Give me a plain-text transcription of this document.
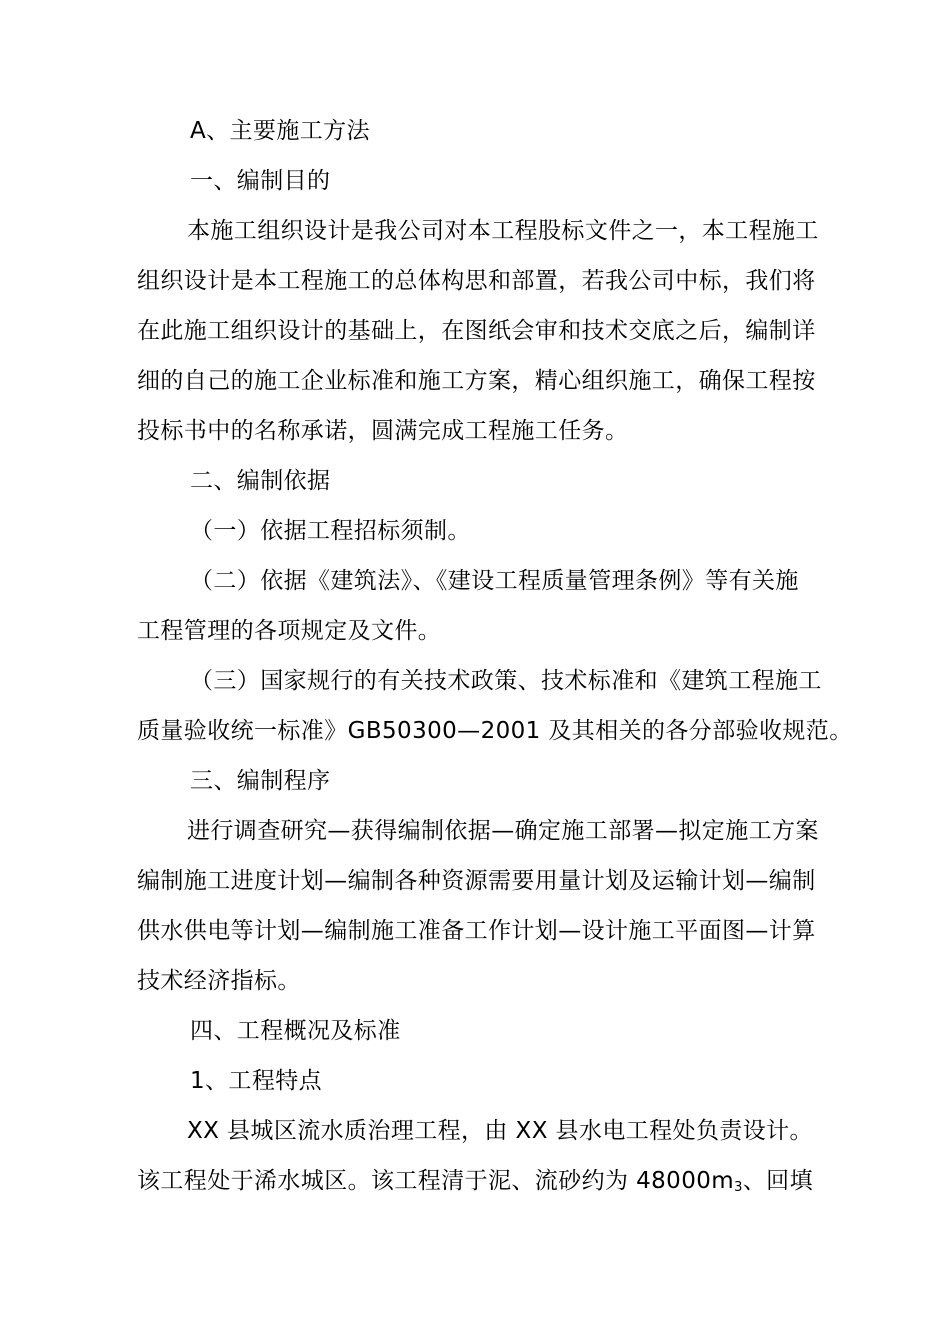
A、主要施工方法
一、编制目的
本施工组织设计是我公司对本工程股标文件之一，本工程施工
组织设计是本工程施工的总体构思和部置，若我公司中标，我们将
在此施工组织设计的基础上，在图纸会审和技术交底之后，编制详
细的自己的施工企业标准和施工方案，精心组织施工，确保工程按
投标书中的名称承诺，圆满完成工程施工任务。
二、编制依据
（一）依据工程招标须制。
（二）依据《建筑法》、《建设工程质量管理条例》等有关施
工程管理的各项规定及文件。
（三）国家规行的有关技术政策、技术标准和《建筑工程施工
质量验收统一标准》GB50300—2001 及其相关的各分部验收规范。
三、编制程序
进行调查研究—获得编制依据—确定施工部署—拟定施工方案
编制施工进度计划—编制各种资源需要用量计划及运输计划—编制
供水供电等计划—编制施工准备工作计划—设计施工平面图—计算
技术经济指标。
四、工程概况及标准
1、工程特点
XX 县城区流水质治理工程，由 XX 县水电工程处负责设计。
该工程处于浠水城区。该工程清于泥、流砂约为 48000m3、回填
